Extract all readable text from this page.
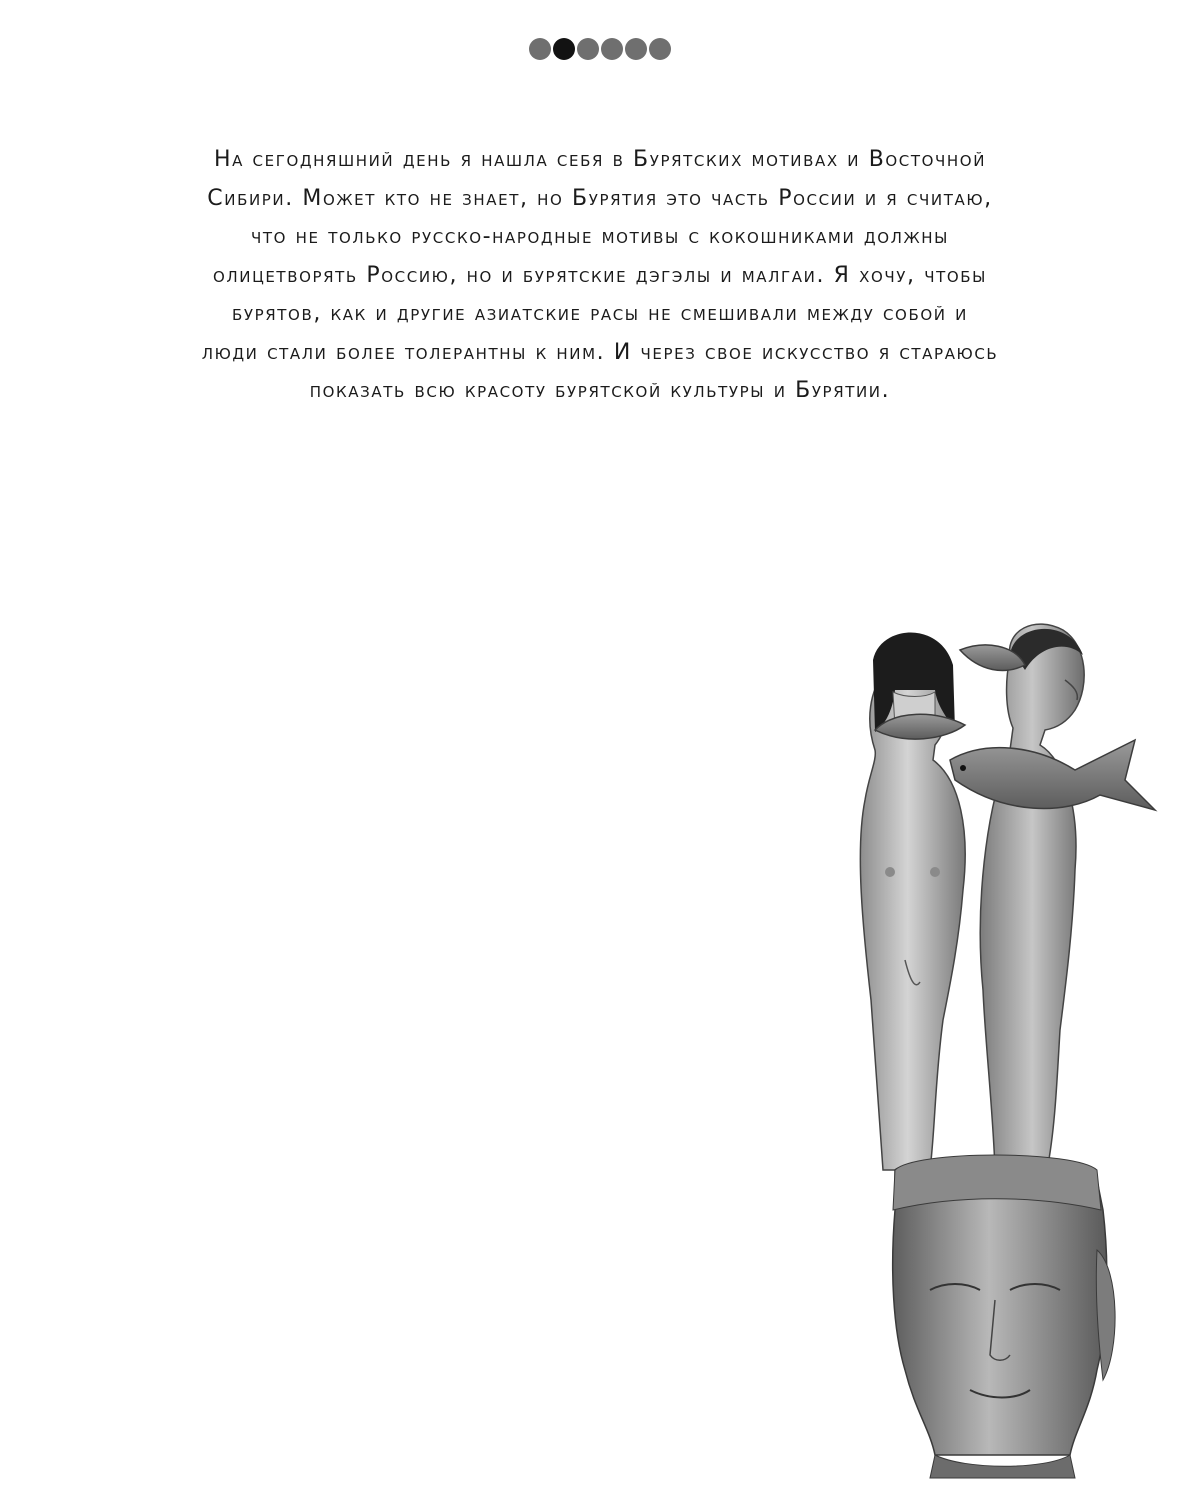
На сегодняшний день я нашла себя в Бурятских мотивах и Восточной
Сибири. Может кто не знает, но Бурятия это часть России и я считаю,
что не только русско-народные мотивы с кокошниками должны
олицетворять Россию, но и бурятские дэгэлы и малгаи. Я хочу, чтобы
бурятов, как и другие азиатские расы не смешивали между собой и
люди стали более толерантны к ним. И через свое искусство я стараюсь
показать всю красоту бурятской культуры и Бурятии.
